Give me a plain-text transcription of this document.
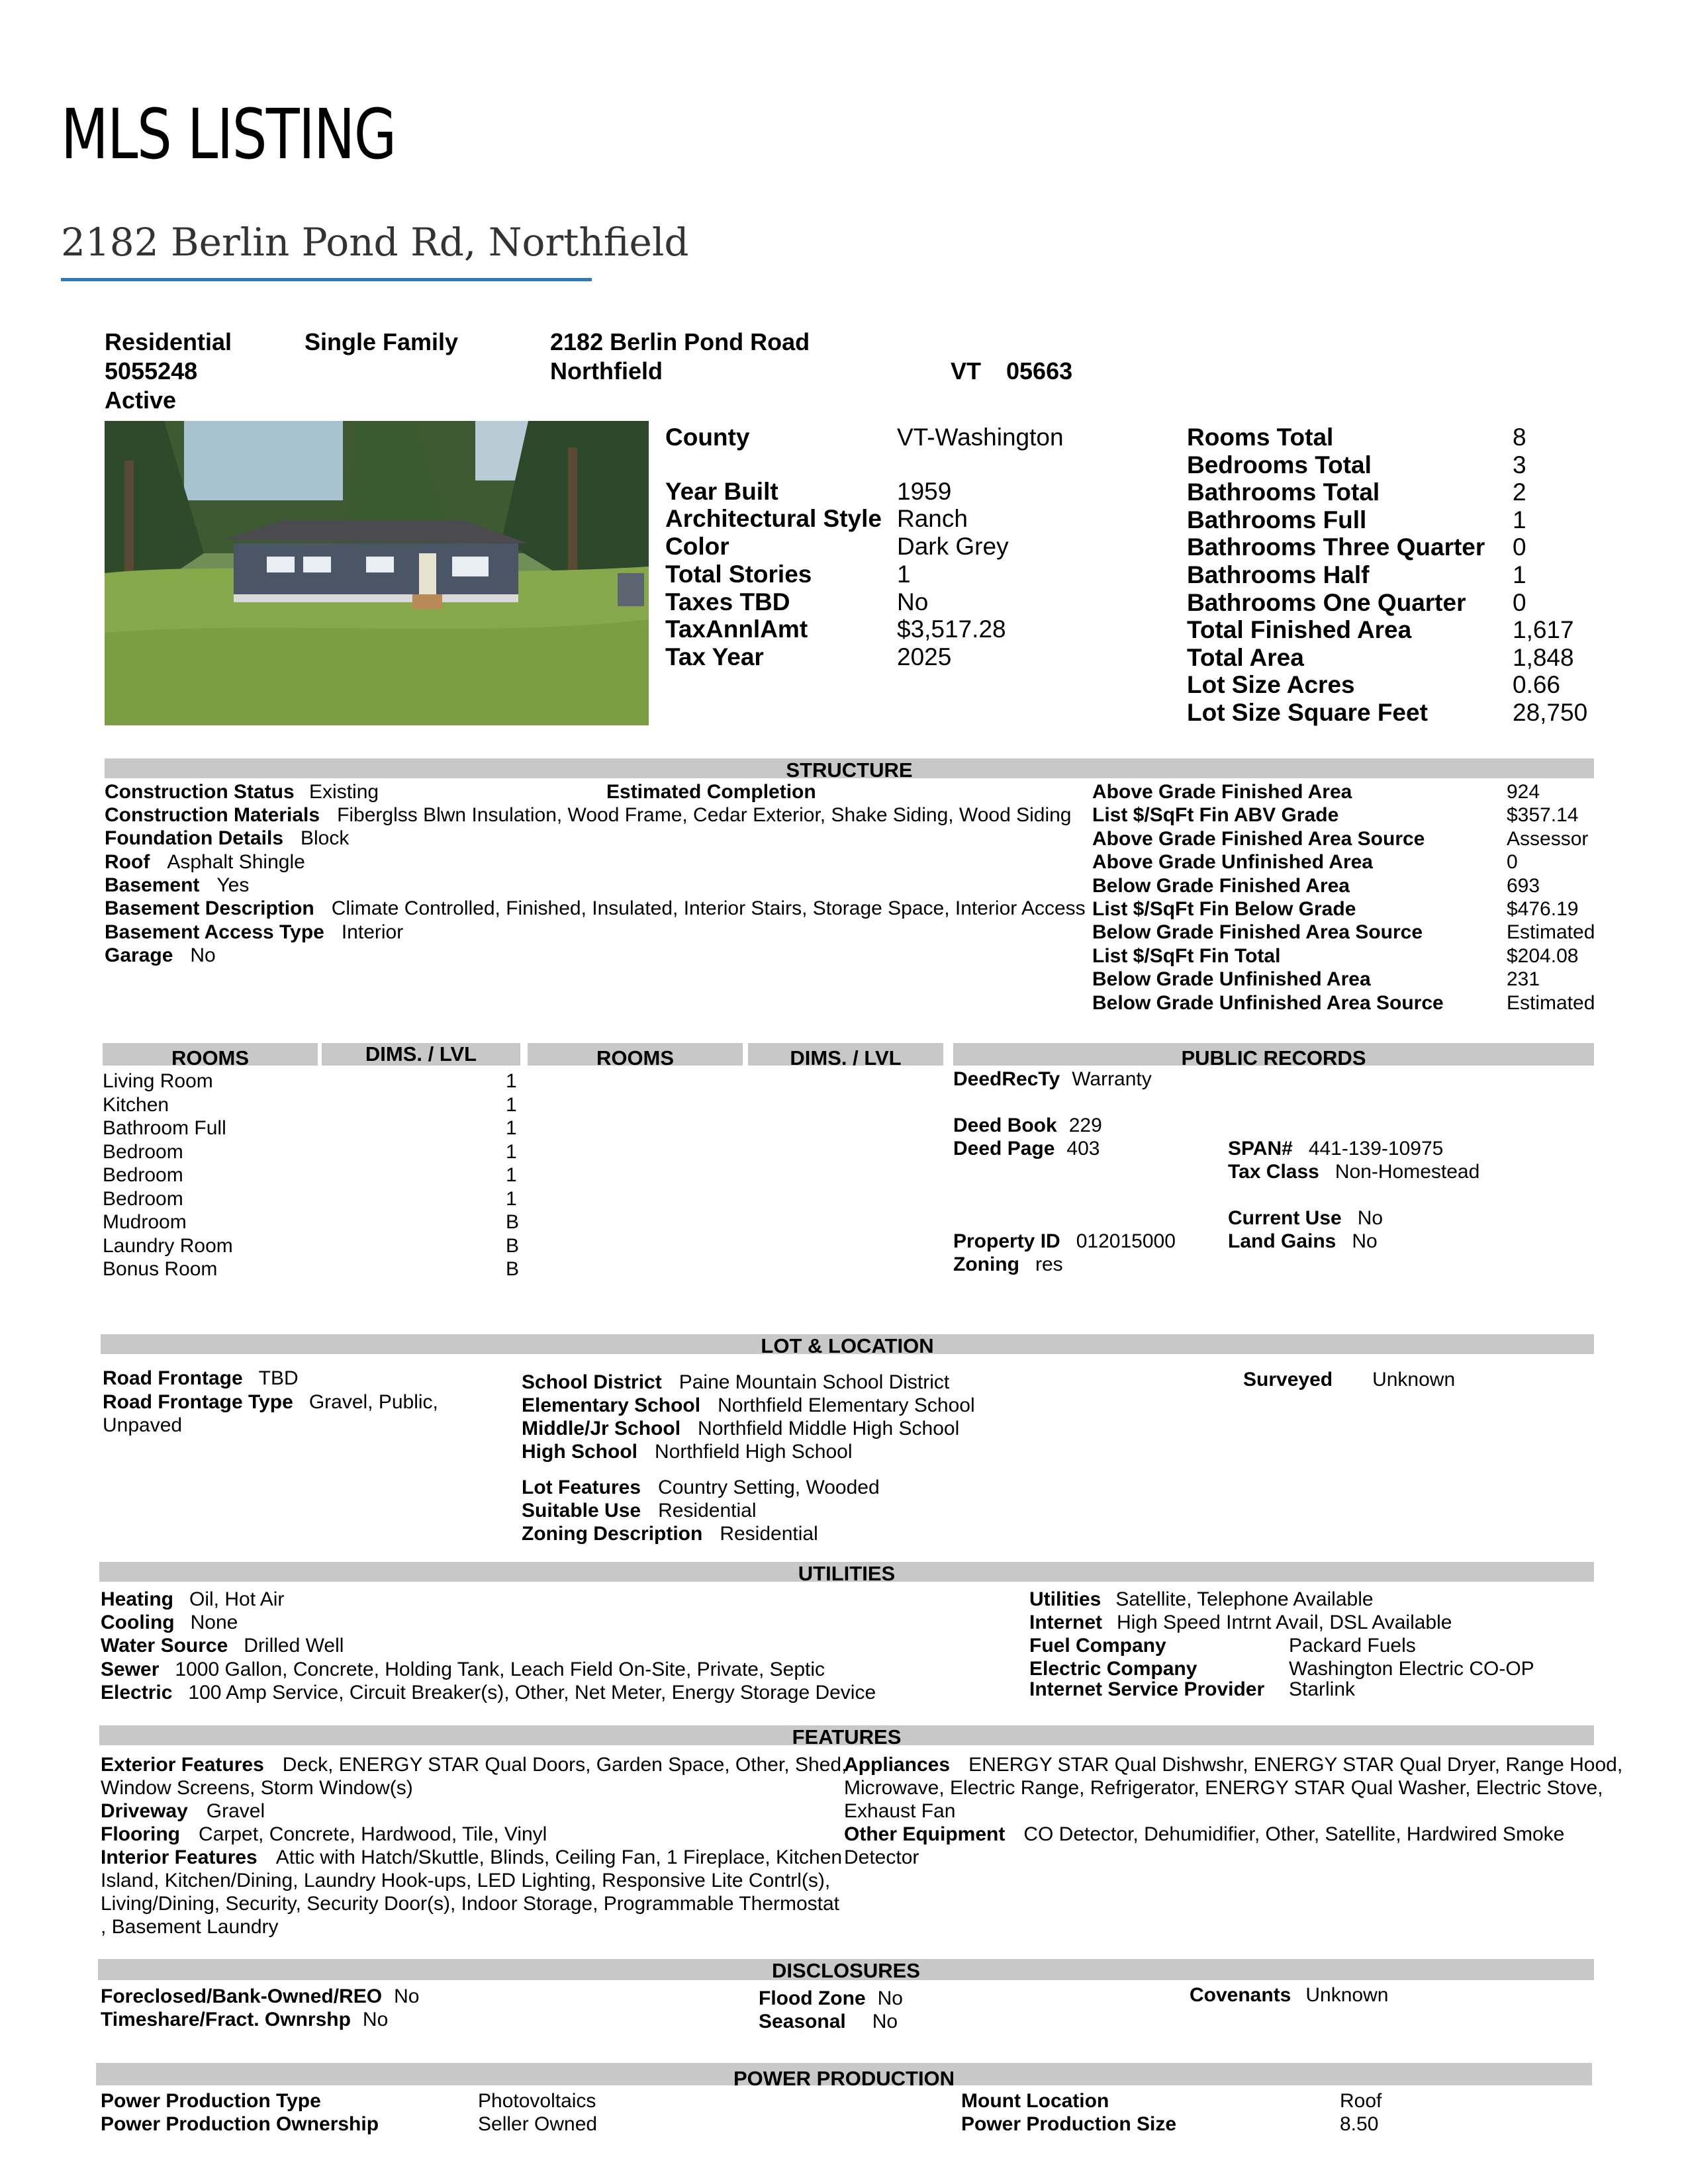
MLS LISTING
2182 Berlin Pond Rd, Northfield
Residential	Single Family	2182 Berlin Pond Road
5055248	Northfield	VT 05663
Active
County	VT-Washington
Year Built	1959
Architectural Style Ranch
Color	Dark Grey
Total Stories	1
Taxes TBD	No
TaxAnnlAmt	$3,517.28
Tax Year	2025
Rooms Total	8
Bedrooms Total	3
Bathrooms Total	2
Bathrooms Full	1
Bathrooms Three Quarter 0
Bathrooms Half	1
Bathrooms One Quarter 0
Total Finished Area	1,617
Total Area	1,848
Lot Size Acres	0.66
Lot Size Square Feet	28,750
STRUCTURE
Construction Status Existing	Estimated Completion
Construction Materials Fiberglss Blwn Insulation, Wood Frame, Cedar Exterior, Shake Siding, Wood Siding
Foundation Details Block
Roof Asphalt Shingle
Basement Yes
Basement Description Climate Controlled, Finished, Insulated, Interior Stairs, Storage Space, Interior Access
Basement Access Type Interior
Garage No
Above Grade Finished Area	924
List $/SqFt Fin ABV Grade	$357.14
Above Grade Finished Area Source	Assessor
Above Grade Unfinished Area	0
Below Grade Finished Area	693
List $/SqFt Fin Below Grade	$476.19
Below Grade Finished Area Source	Estimated
List $/SqFt Fin Total	$204.08
Below Grade Unfinished Area	231
Below Grade Unfinished Area Source	Estimated
ROOMS	DIMS. / LVL	ROOMS	DIMS. / LVL
Living Room	1
Kitchen	1
Bathroom Full	1
Bedroom	1
Bedroom	1
Bedroom	1
Mudroom	B
Laundry Room	B
Bonus Room	B
PUBLIC RECORDS
DeedRecTy Warranty
Deed Book 229
Deed Page 403	SPAN# 441-139-10975
Tax Class Non-Homestead
Current Use No
Property ID 012015000	Land Gains No
Zoning res
LOT & LOCATION
Road Frontage TBD
Road Frontage Type Gravel, Public,
Unpaved
School District Paine Mountain School District
Elementary School Northfield Elementary School
Middle/Jr School Northfield Middle High School
High School Northfield High School
Lot Features Country Setting, Wooded
Suitable Use Residential
Zoning Description Residential
Surveyed Unknown
UTILITIES
Heating Oil, Hot Air
Cooling None
Water Source Drilled Well
Sewer 1000 Gallon, Concrete, Holding Tank, Leach Field On-Site, Private, Septic
Electric 100 Amp Service, Circuit Breaker(s), Other, Net Meter, Energy Storage Device
Utilities Satellite, Telephone Available
Internet High Speed Intrnt Avail, DSL Available
Fuel Company	Packard Fuels
Electric Company	Washington Electric CO-OP
Internet Service Provider Starlink
FEATURES
Exterior Features Deck, ENERGY STAR Qual Doors, Garden Space, Other, Shed,
Window Screens, Storm Window(s)
Driveway Gravel
Flooring Carpet, Concrete, Hardwood, Tile, Vinyl
Interior Features Attic with Hatch/Skuttle, Blinds, Ceiling Fan, 1 Fireplace, Kitchen
Island, Kitchen/Dining, Laundry Hook-ups, LED Lighting, Responsive Lite Contrl(s),
Living/Dining, Security, Security Door(s), Indoor Storage, Programmable Thermostat
, Basement Laundry
Appliances ENERGY STAR Qual Dishwshr, ENERGY STAR Qual Dryer, Range Hood,
Microwave, Electric Range, Refrigerator, ENERGY STAR Qual Washer, Electric Stove,
Exhaust Fan
Other Equipment CO Detector, Dehumidifier, Other, Satellite, Hardwired Smoke
Detector
DISCLOSURES
Foreclosed/Bank-Owned/REO No
Timeshare/Fract. Ownrshp No
Flood Zone No
Seasonal No
Covenants Unknown
POWER PRODUCTION
Power Production Type	Photovoltaics
Power Production Ownership	Seller Owned
Mount Location	Roof
Power Production Size	8.50
